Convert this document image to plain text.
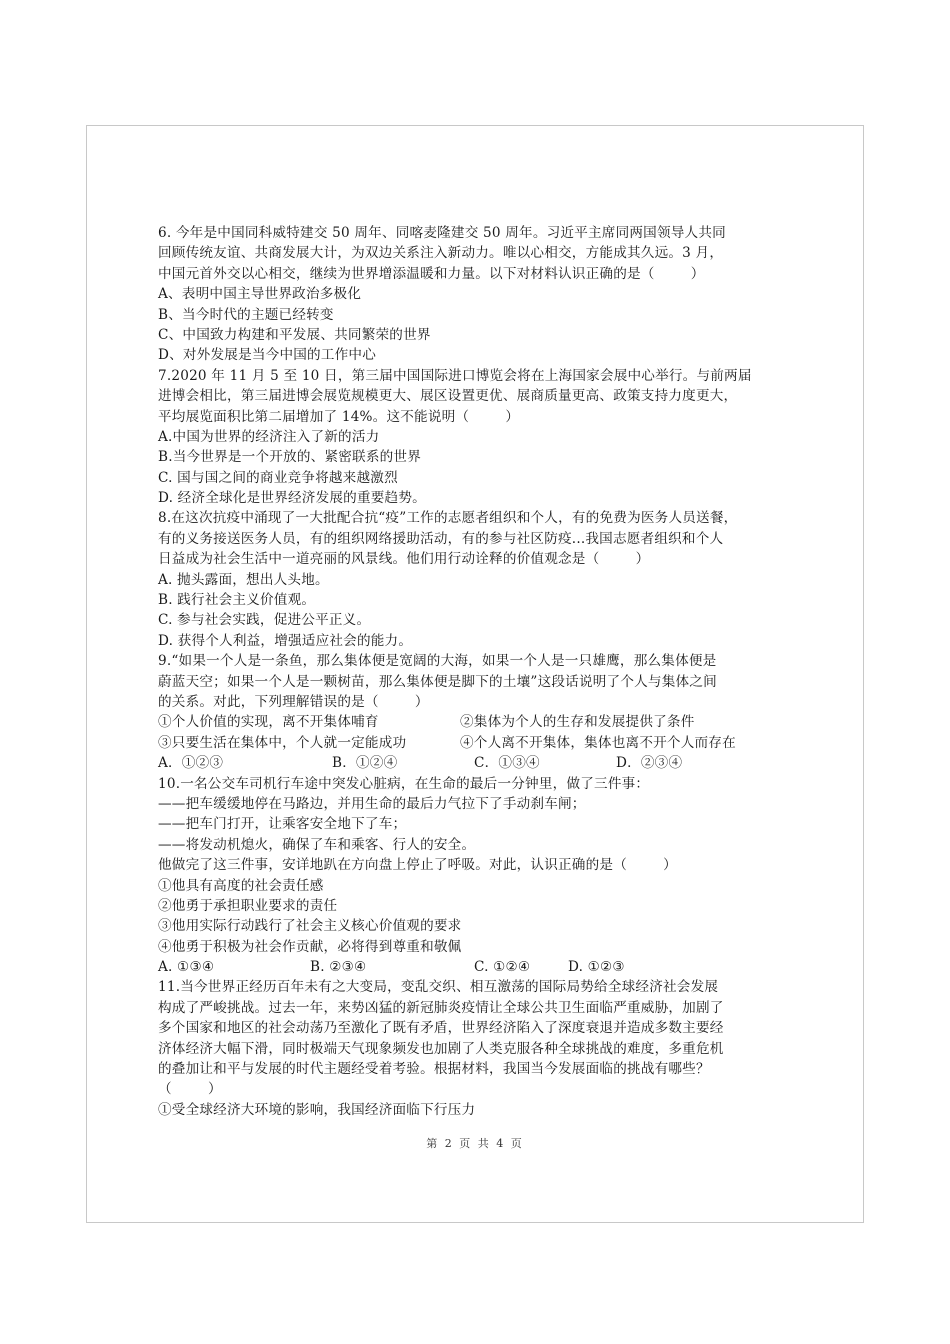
6. 今年是中国同科威特建交 50 周年、同喀麦隆建交 50 周年。习近平主席同两国领导人共同
回顾传统友谊、共商发展大计，为双边关系注入新动力。唯以心相交，方能成其久远。3 月，
中国元首外交以心相交，继续为世界增添温暖和力量。以下对材料认识正确的是（        ）
A、表明中国主导世界政治多极化
B、当今时代的主题已经转变
C、中国致力构建和平发展、共同繁荣的世界
D、对外发展是当今中国的工作中心
7.2020 年 11 月 5 至 10 日，第三届中国国际进口博览会将在上海国家会展中心举行。与前两届
进博会相比，第三届进博会展览规模更大、展区设置更优、展商质量更高、政策支持力度更大，
平均展览面积比第二届增加了 14%。这不能说明（        ）
A.中国为世界的经济注入了新的活力
B.当今世界是一个开放的、紧密联系的世界
C. 国与国之间的商业竞争将越来越激烈
D. 经济全球化是世界经济发展的重要趋势。
8.在这次抗疫中涌现了一大批配合抗“疫”工作的志愿者组织和个人，有的免费为医务人员送餐，
有的义务接送医务人员，有的组织网络援助活动，有的参与社区防疫...我国志愿者组织和个人
日益成为社会生活中一道亮丽的风景线。他们用行动诠释的价值观念是（        ）
A. 抛头露面，想出人头地。
B. 践行社会主义价值观。
C. 参与社会实践，促进公平正义。
D. 获得个人利益，增强适应社会的能力。
9.“如果一个人是一条鱼，那么集体便是宽阔的大海，如果一个人是一只雄鹰，那么集体便是
蔚蓝天空；如果一个人是一颗树苗，那么集体便是脚下的土壤”这段话说明了个人与集体之间
的关系。对此，下列理解错误的是（        ）
①个人价值的实现，离不开集体哺育	②集体为个人的生存和发展提供了条件
③只要生活在集体中，个人就一定能成功	④个人离不开集体，集体也离不开个人而存在
A．①②③	B．①②④	C．①③④	D．②③④
10.一名公交车司机行车途中突发心脏病，在生命的最后一分钟里，做了三件事：
——把车缓缓地停在马路边，并用生命的最后力气拉下了手动刹车闸；
——把车门打开，让乘客安全地下了车；
——将发动机熄火，确保了车和乘客、行人的安全。
他做完了这三件事，安详地趴在方向盘上停止了呼吸。对此，认识正确的是（        ）
①他具有高度的社会责任感
②他勇于承担职业要求的责任
③他用实际行动践行了社会主义核心价值观的要求
④他勇于积极为社会作贡献，必将得到尊重和敬佩
A. ①③④	B. ②③④	C. ①②④	D. ①②③
11.当今世界正经历百年未有之大变局，变乱交织、相互激荡的国际局势给全球经济社会发展
构成了严峻挑战。过去一年，来势凶猛的新冠肺炎疫情让全球公共卫生面临严重威胁，加剧了
多个国家和地区的社会动荡乃至激化了既有矛盾，世界经济陷入了深度衰退并造成多数主要经
济体经济大幅下滑，同时极端天气现象频发也加剧了人类克服各种全球挑战的难度，多重危机
的叠加让和平与发展的时代主题经受着考验。根据材料，我国当今发展面临的挑战有哪些？
（        ）
①受全球经济大环境的影响，我国经济面临下行压力
第 2 页 共 4 页
